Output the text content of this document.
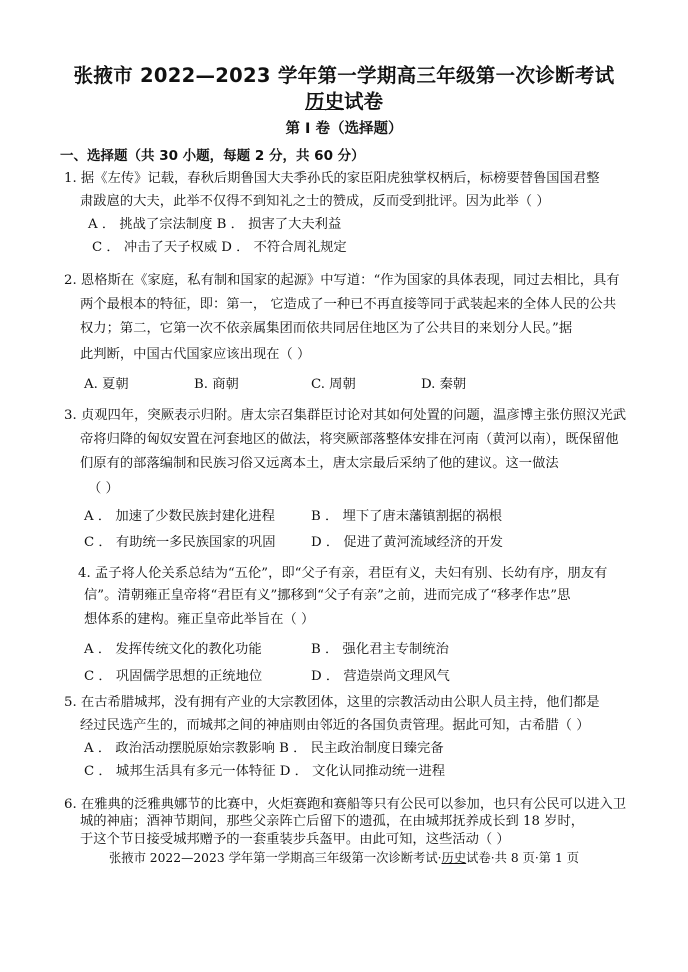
张掖市 2022—2023 学年第一学期高三年级第一次诊断考试
历史试卷
第 I 卷（选择题）
一、选择题（共 30 小题，每题 2 分，共 60 分）
1. 据《左传》记载，春秋后期鲁国大夫季孙氏的家臣阳虎独掌权柄后，标榜要替鲁国国君整
肃跋扈的大夫，此举不仅得不到知礼之士的赞成，反而受到批评。因为此举（ ）
A ． 挑战了宗法制度 B ． 损害了大夫利益
C ． 冲击了天子权威 D ． 不符合周礼规定
2. 恩格斯在《家庭，私有制和国家的起源》中写道：“作为国家的具体表现，同过去相比，具有
两个最根本的特征，即：第一， 它造成了一种已不再直接等同于武装起来的全体人民的公共
权力；第二，它第一次不依亲属集团而依共同居住地区为了公共目的来划分人民。”据
此判断，中国古代国家应该出现在（ ）
A. 夏朝	B. 商朝	C. 周朝	D. 秦朝
3. 贞观四年，突厥表示归附。唐太宗召集群臣讨论对其如何处置的问题，温彦博主张仿照汉光武
帝将归降的匈奴安置在河套地区的做法，将突厥部落整体安排在河南（黄河以南），既保留他
们原有的部落编制和民族习俗又远离本土，唐太宗最后采纳了他的建议。这一做法
（ ）
A ． 加速了少数民族封建化进程	B ． 埋下了唐末藩镇割据的祸根
C ． 有助统一多民族国家的巩固	D ． 促进了黄河流域经济的开发
4. 孟子将人伦关系总结为“五伦”，即“父子有亲，君臣有义，夫妇有别、长幼有序，朋友有
信”。清朝雍正皇帝将“君臣有义”挪移到“父子有亲”之前，进而完成了“移孝作忠”思
想体系的建构。雍正皇帝此举旨在（ ）
A ． 发挥传统文化的教化功能	B ． 强化君主专制统治
C ． 巩固儒学思想的正统地位	D ． 营造崇尚文理风气
5. 在古希腊城邦，没有拥有产业的大宗教团体，这里的宗教活动由公职人员主持，他们都是
经过民选产生的，而城邦之间的神庙则由邻近的各国负责管理。据此可知，古希腊（ ）
A ． 政治活动摆脱原始宗教影响 B ． 民主政治制度日臻完备
C ． 城邦生活具有多元一体特征 D ． 文化认同推动统一进程
6. 在雅典的泛雅典娜节的比赛中，火炬赛跑和赛船等只有公民可以参加，也只有公民可以进入卫
城的神庙；酒神节期间，那些父亲阵亡后留下的遗孤，在由城邦抚养成长到 18 岁时，
于这个节日接受城邦赠予的一套重装步兵盔甲。由此可知，这些活动（ ）
张掖市 2022—2023 学年第一学期高三年级第一次诊断考试·历史试卷·共 8 页·第 1 页
